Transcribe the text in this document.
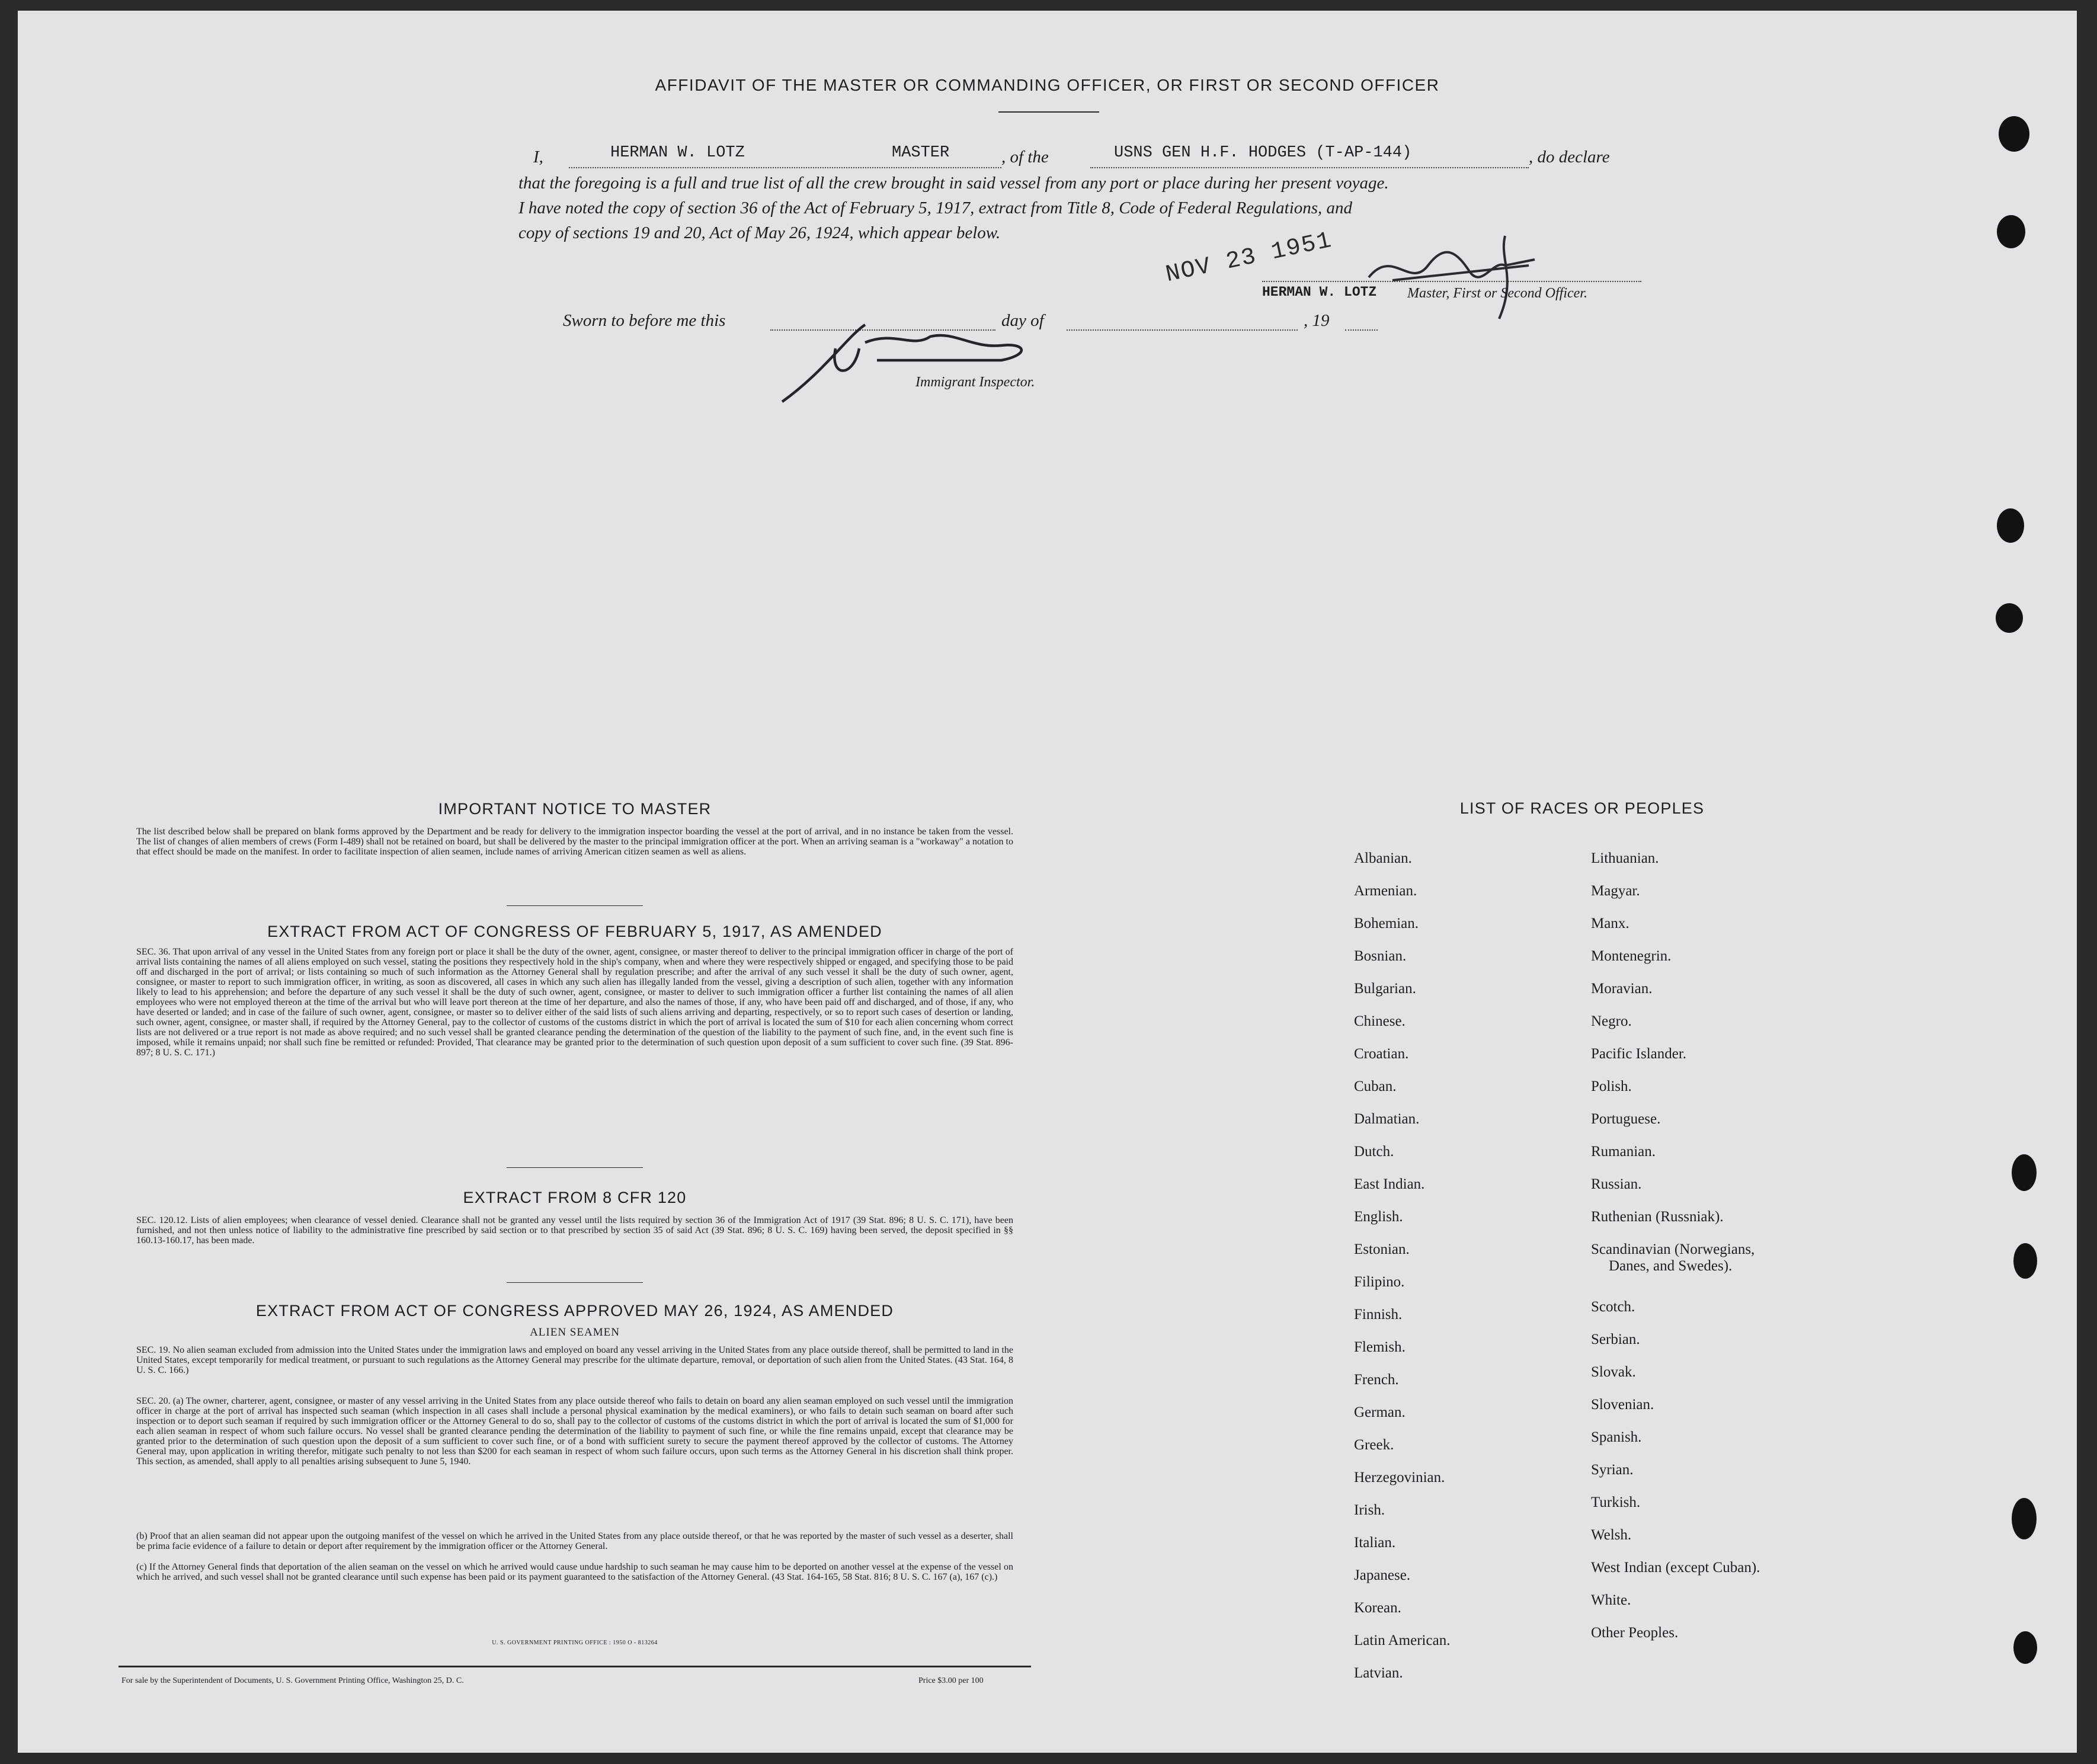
AFFIDAVIT OF THE MASTER OR COMMANDING OFFICER, OR FIRST OR SECOND OFFICER
I,	HERMAN W. LOTZ	MASTER	, of the	USNS GEN H.F. HODGES (T-AP-144)	, do declare
that the foregoing is a full and true list of all the crew brought in said vessel from any port or place during her present voyage.
I have noted the copy of section 36 of the Act of February 5, 1917, extract from Title 8, Code of Federal Regulations, and
copy of sections 19 and 20, Act of May 26, 1924, which appear below.	NOV 23 1951
HERMAN W. LOTZ Master, First or Second Officer.
Sworn to before me this	day of	, 19
Immigrant Inspector.
IMPORTANT NOTICE TO MASTER
The list described below shall be prepared on blank forms approved by the Department and be ready for delivery to the immigration inspector boarding the vessel at the port of arrival, and in no instance be taken from the vessel. The list of changes of alien members of crews (Form I-489) shall not be retained on board, but shall be delivered by the master to the principal immigration officer at the port. When an arriving seaman is a "workaway" a notation to that effect should be made on the manifest. In order to facilitate inspection of alien seamen, include names of arriving American citizen seamen as well as aliens.
EXTRACT FROM ACT OF CONGRESS OF FEBRUARY 5, 1917, AS AMENDED
SEC. 36. That upon arrival of any vessel in the United States from any foreign port or place it shall be the duty of the owner, agent, consignee, or master thereof to deliver to the principal immigration officer in charge of the port of arrival lists containing the names of all aliens employed on such vessel, stating the positions they respectively hold in the ship's company, when and where they were respectively shipped or engaged, and specifying those to be paid off and discharged in the port of arrival; or lists containing so much of such information as the Attorney General shall by regulation prescribe; and after the arrival of any such vessel it shall be the duty of such owner, agent, consignee, or master to report to such immigration officer, in writing, as soon as discovered, all cases in which any such alien has illegally landed from the vessel, giving a description of such alien, together with any information likely to lead to his apprehension; and before the departure of any such vessel it shall be the duty of such owner, agent, consignee, or master to deliver to such immigration officer a further list containing the names of all alien employees who were not employed thereon at the time of the arrival but who will leave port thereon at the time of her departure, and also the names of those, if any, who have been paid off and discharged, and of those, if any, who have deserted or landed; and in case of the failure of such owner, agent, consignee, or master so to deliver either of the said lists of such aliens arriving and departing, respectively, or so to report such cases of desertion or landing, such owner, agent, consignee, or master shall, if required by the Attorney General, pay to the collector of customs of the customs district in which the port of arrival is located the sum of $10 for each alien concerning whom correct lists are not delivered or a true report is not made as above required; and no such vessel shall be granted clearance pending the determination of the question of the liability to the payment of such fine, and, in the event such fine is imposed, while it remains unpaid; nor shall such fine be remitted or refunded: Provided, That clearance may be granted prior to the determination of such question upon deposit of a sum sufficient to cover such fine. (39 Stat. 896-897; 8 U. S. C. 171.)
EXTRACT FROM 8 CFR 120
SEC. 120.12. Lists of alien employees; when clearance of vessel denied. Clearance shall not be granted any vessel until the lists required by section 36 of the Immigration Act of 1917 (39 Stat. 896; 8 U. S. C. 171), have been furnished, and not then unless notice of liability to the administrative fine prescribed by said section or to that prescribed by section 35 of said Act (39 Stat. 896; 8 U. S. C. 169) having been served, the deposit specified in §§ 160.13-160.17, has been made.
EXTRACT FROM ACT OF CONGRESS APPROVED MAY 26, 1924, AS AMENDED
ALIEN SEAMEN
SEC. 19. No alien seaman excluded from admission into the United States under the immigration laws and employed on board any vessel arriving in the United States from any place outside thereof, shall be permitted to land in the United States, except temporarily for medical treatment, or pursuant to such regulations as the Attorney General may prescribe for the ultimate departure, removal, or deportation of such alien from the United States. (43 Stat. 164, 8 U. S. C. 166.)
SEC. 20. (a) The owner, charterer, agent, consignee, or master of any vessel arriving in the United States from any place outside thereof who fails to detain on board any alien seaman employed on such vessel until the immigration officer in charge at the port of arrival has inspected such seaman (which inspection in all cases shall include a personal physical examination by the medical examiners), or who fails to detain such seaman on board after such inspection or to deport such seaman if required by such immigration officer or the Attorney General to do so, shall pay to the collector of customs of the customs district in which the port of arrival is located the sum of $1,000 for each alien seaman in respect of whom such failure occurs. No vessel shall be granted clearance pending the determination of the liability to payment of such fine, or while the fine remains unpaid, except that clearance may be granted prior to the determination of such question upon the deposit of a sum sufficient to cover such fine, or of a bond with sufficient surety to secure the payment thereof approved by the collector of customs. The Attorney General may, upon application in writing therefor, mitigate such penalty to not less than $200 for each seaman in respect of whom such failure occurs, upon such terms as the Attorney General in his discretion shall think proper. This section, as amended, shall apply to all penalties arising subsequent to June 5, 1940.
(b) Proof that an alien seaman did not appear upon the outgoing manifest of the vessel on which he arrived in the United States from any place outside thereof, or that he was reported by the master of such vessel as a deserter, shall be prima facie evidence of a failure to detain or deport after requirement by the immigration officer or the Attorney General.
(c) If the Attorney General finds that deportation of the alien seaman on the vessel on which he arrived would cause undue hardship to such seaman he may cause him to be deported on another vessel at the expense of the vessel on which he arrived, and such vessel shall not be granted clearance until such expense has been paid or its payment guaranteed to the satisfaction of the Attorney General. (43 Stat. 164-165, 58 Stat. 816; 8 U. S. C. 167 (a), 167 (c).)
U. S. GOVERNMENT PRINTING OFFICE : 1950 O - 813264
For sale by the Superintendent of Documents, U. S. Government Printing Office, Washington 25, D. C.	Price $3.00 per 100
LIST OF RACES OR PEOPLES
Albanian.
Armenian.
Bohemian.
Bosnian.
Bulgarian.
Chinese.
Croatian.
Cuban.
Dalmatian.
Dutch.
East Indian.
English.
Estonian.
Filipino.
Finnish.
Flemish.
French.
German.
Greek.
Herzegovinian.
Irish.
Italian.
Japanese.
Korean.
Latin American.
Latvian.
Lithuanian.
Magyar.
Manx.
Montenegrin.
Moravian.
Negro.
Pacific Islander.
Polish.
Portuguese.
Rumanian.
Russian.
Ruthenian (Russniak).
Scandinavian (Norwegians,
Danes, and Swedes).
Scotch.
Serbian.
Slovak.
Slovenian.
Spanish.
Syrian.
Turkish.
Welsh.
West Indian (except Cuban).
White.
Other Peoples.
